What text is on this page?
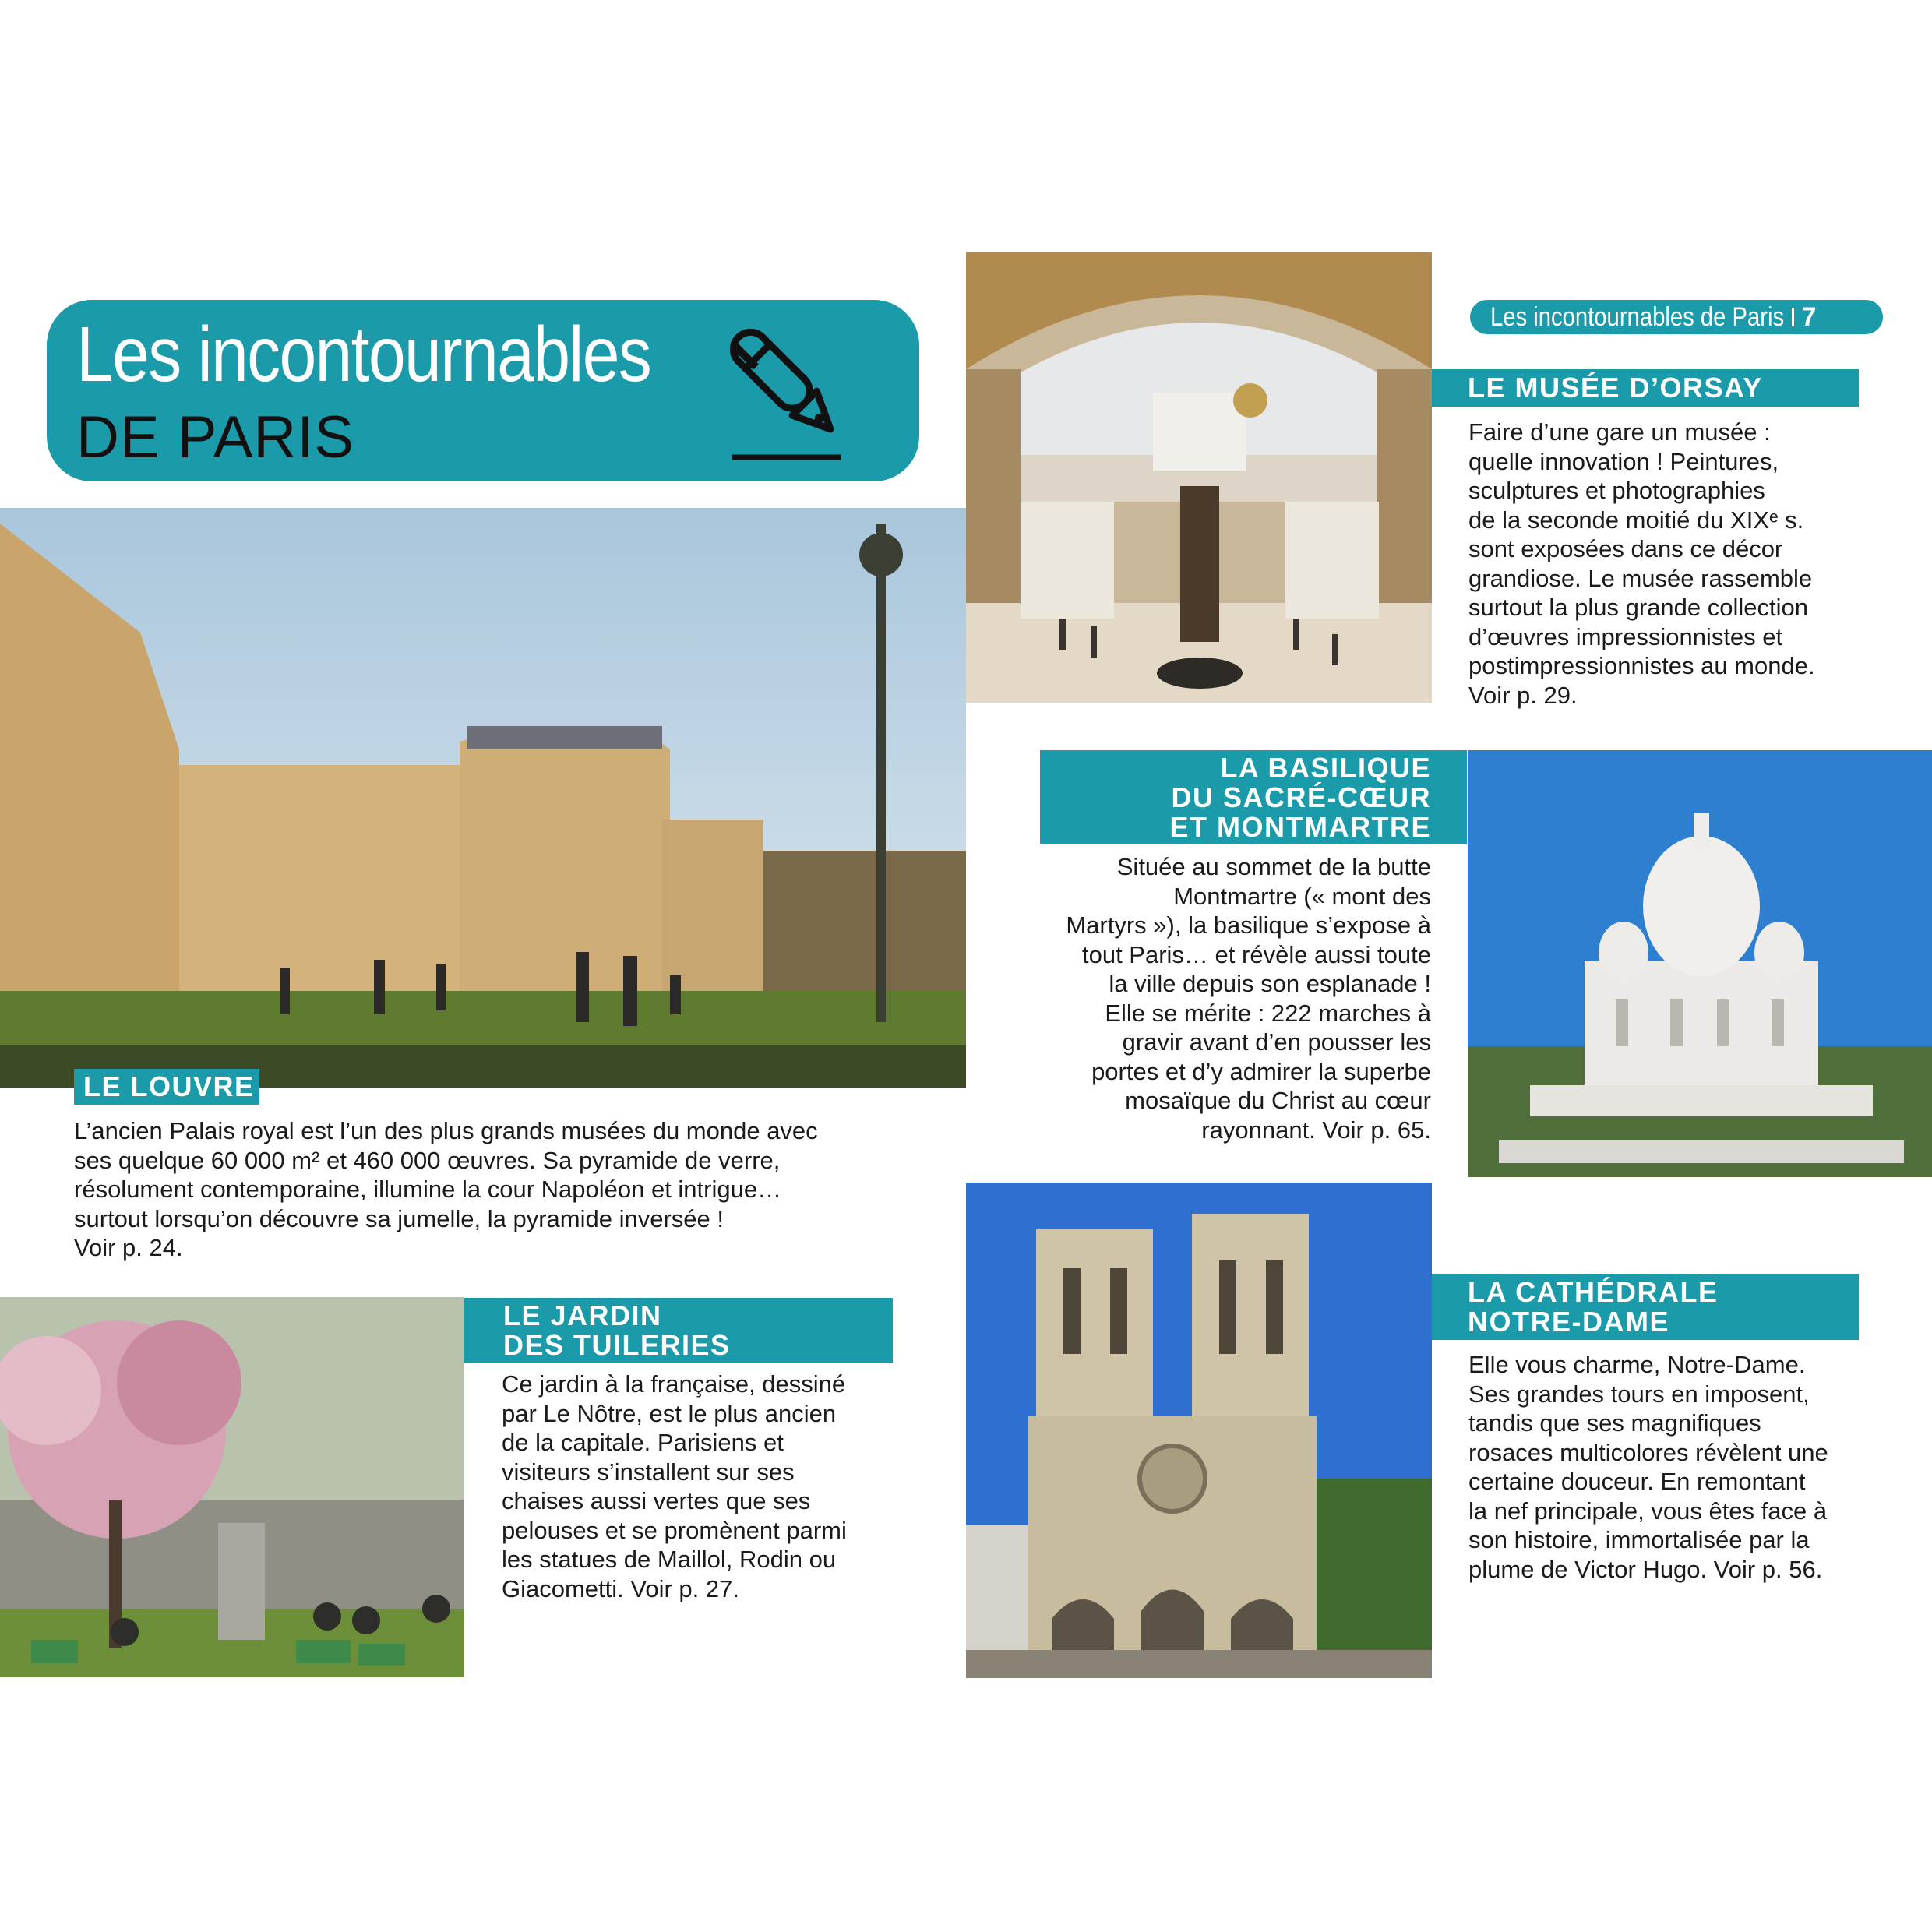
Les incontournables
DE PARIS
Les incontournables de Paris 7
LE LOUVRE

L’ancien Palais royal est l’un des plus grands musées du monde avec

ses quelque 60 000 m² et 460 000 œuvres. Sa pyramide de verre,

résolument contemporaine, illumine la cour Napoléon et intrigue…

surtout lorsqu’on découvre sa jumelle, la pyramide inversée !

Voir p. 24.

LE JARDIN
DES TUILERIES

Ce jardin à la française, dessiné

par Le Nôtre, est le plus ancien

de la capitale. Parisiens et

visiteurs s’installent sur ses

chaises aussi vertes que ses

pelouses et se promènent parmi

les statues de Maillol, Rodin ou

Giacometti. Voir p. 27.

LE MUSÉE D’ORSAY

Faire d’une gare un musée :

quelle innovation ! Peintures,

sculptures et photographies

de la seconde moitié du XIXᵉ s.

sont exposées dans ce décor

grandiose. Le musée rassemble

surtout la plus grande collection

d’œuvres impressionnistes et

postimpressionnistes au monde.

Voir p. 29.

LA BASILIQUE
DU SACRÉ-CŒUR
ET MONTMARTRE

Située au sommet de la butte

Montmartre (« mont des

Martyrs »), la basilique s’expose à

tout Paris… et révèle aussi toute

la ville depuis son esplanade !

Elle se mérite : 222 marches à

gravir avant d’en pousser les

portes et d’y admirer la superbe

mosaïque du Christ au cœur

rayonnant. Voir p. 65.

LA CATHÉDRALE
NOTRE-DAME

Elle vous charme, Notre-Dame.

Ses grandes tours en imposent,

tandis que ses magnifiques

rosaces multicolores révèlent une

certaine douceur. En remontant

la nef principale, vous êtes face à

son histoire, immortalisée par la

plume de Victor Hugo. Voir p. 56.
